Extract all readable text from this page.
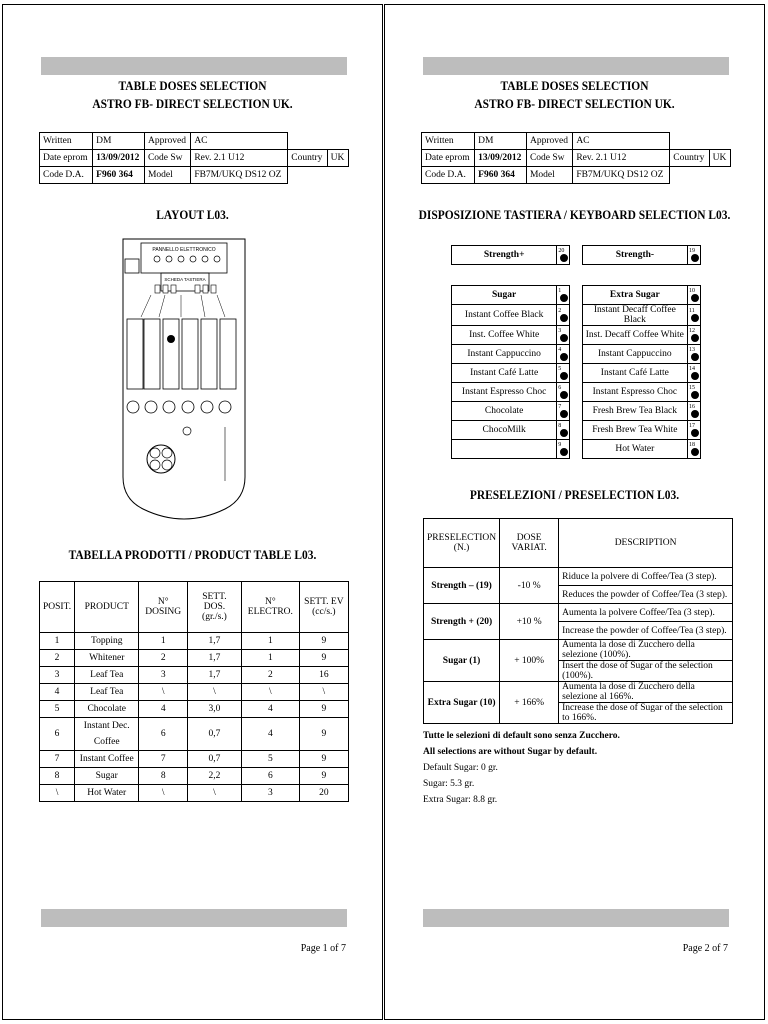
TABLE DOSES SELECTION
ASTRO FB- DIRECT SELECTION UK.
Written	DM	Approved	AC		
Date eprom	13/09/2012	Code Sw	Rev. 2.1 U12	Country	UK
Code D.A.	F960 364	Model	FB7M/UKQ DS12 OZ		
LAYOUT L03.
PANNELLO ELETTRONICO
SCHEDA TASTIERA
TABELLA PRODOTTI / PRODUCT TABLE L03.
POSIT.	PRODUCT	N° DOSING	SETT. DOS. (gr./s.)	N° ELECTRO.	SETT. EV (cc/s.)
1	Topping	1	1,7	1	9
2	Whitener	2	1,7	1	9
3	Leaf Tea	3	1,7	2	16
4	Leaf Tea	\	\	\	\
5	Chocolate	4	3,0	4	9
6	Instant Dec. Coffee	6	0,7	4	9
7	Instant Coffee	7	0,7	5	9
8	Sugar	8	2,2	6	9
\	Hot Water	\	\	3	20
Page 1 of 7
TABLE DOSES SELECTION
ASTRO FB- DIRECT SELECTION UK.
Written	DM	Approved	AC		
Date eprom	13/09/2012	Code Sw	Rev. 2.1 U12	Country	UK
Code D.A.	F960 364	Model	FB7M/UKQ DS12 OZ		
DISPOSIZIONE TASTIERA / KEYBOARD SELECTION L03.
Strength+	20		Strength-	19
Sugar	1		Extra Sugar	10
Instant Coffee Black	2		Instant Decaff Coffee Black	11
Inst. Coffee White	3		Inst. Decaff Coffee White	12
Instant Cappuccino	4		Instant Cappuccino	13
Instant Café Latte	5		Instant Café Latte	14
Instant Espresso Choc	6		Instant Espresso Choc	15
Chocolate	7		Fresh Brew Tea Black	16
ChocoMilk	8		Fresh Brew Tea White	17
	9		Hot Water	18
PRESELEZIONI / PRESELECTION L03.
PRESELECTION (N.)	DOSE VARIAT.	DESCRIPTION
Strength – (19)	-10 %	Riduce la polvere di Coffee/Tea (3 step).
		Reduces the powder of Coffee/Tea (3 step).
Strength + (20)	+10 %	Aumenta la polvere Coffee/Tea (3 step).
		Increase the powder of Coffee/Tea (3 step).
Sugar (1)	+ 100%	Aumenta la dose di Zucchero della selezione (100%).
		Insert the dose of Sugar of the selection (100%).
Extra Sugar (10)	+ 166%	Aumenta la dose di Zucchero della selezione al 166%.
		Increase the dose of Sugar of the selection to 166%.
Tutte le selezioni di default sono senza Zucchero.
All selections are without Sugar by default.
Default Sugar: 0 gr.
Sugar: 5.3 gr.
Extra Sugar: 8.8 gr.
Page 2 of 7
